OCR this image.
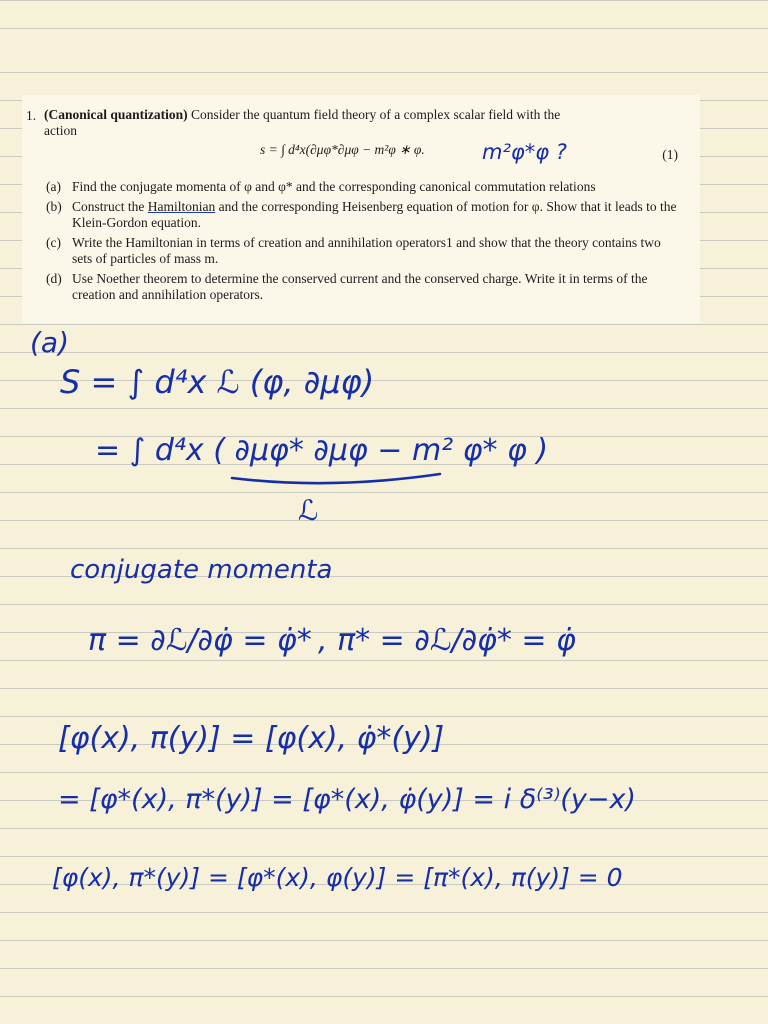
1. (Canonical quantization) Consider the quantum field theory of a complex scalar field with the
action
s = ∫ d⁴x(∂μφ*∂μφ − m²φ ∗ φ.	(1)
m²φ*φ ?
(a) Find the conjugate momenta of φ and φ* and the corresponding canonical commutation relations
(b) Construct the Hamiltonian and the corresponding Heisenberg equation of motion for φ. Show that it leads to the Klein-Gordon equation.
(c) Write the Hamiltonian in terms of creation and annihilation operators1 and show that the theory contains two sets of particles of mass m.
(d) Use Noether theorem to determine the conserved current and the conserved charge. Write it in terms of the creation and annihilation operators.
(a)
S = ∫ d⁴x ℒ (φ, ∂μφ)
= ∫ d⁴x ( ∂μφ* ∂μφ − m² φ* φ )
ℒ
conjugate momenta
π = ∂ℒ/∂φ̇ = φ̇* , π* = ∂ℒ/∂φ̇* = φ̇
[φ(x), π(y)] = [φ(x), φ̇*(y)]
= [φ*(x), π*(y)] = [φ*(x), φ̇(y)] = i δ⁽³⁾(y−x)
[φ(x), π*(y)] = [φ*(x), φ(y)] = [π*(x), π(y)] = 0
